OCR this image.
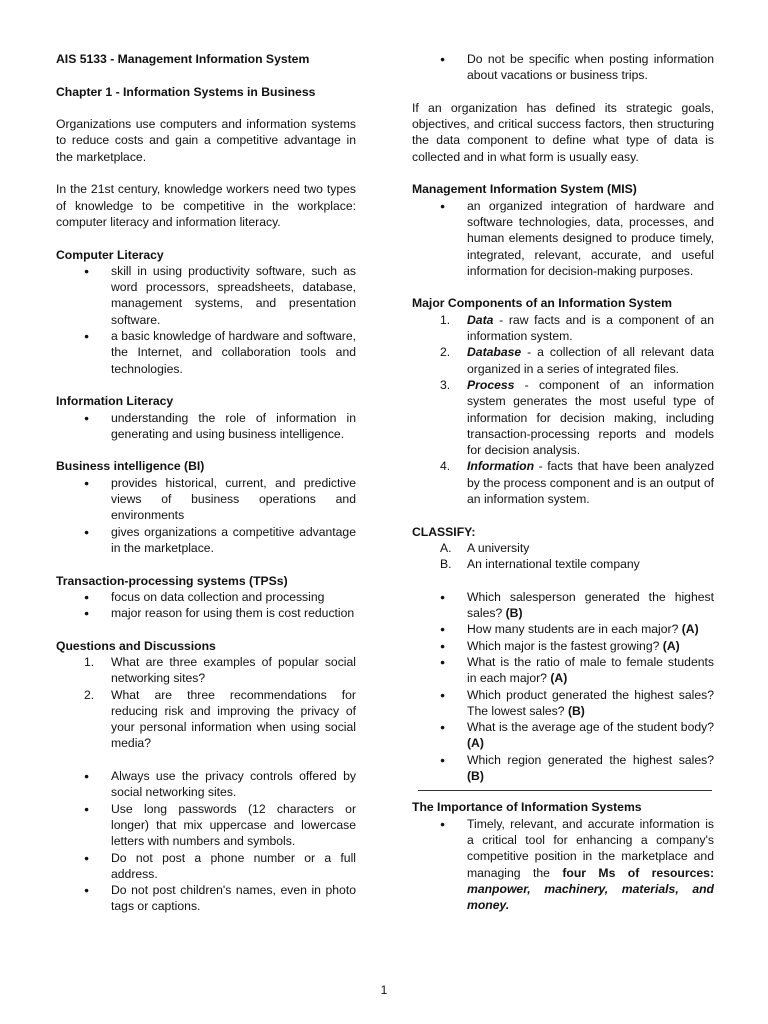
AIS 5133 - Management Information System

Chapter 1 - Information Systems in Business

Organizations use computers and information systems to reduce costs and gain a competitive advantage in the marketplace.

In the 21st century, knowledge workers need two types of knowledge to be competitive in the workplace: computer literacy and information literacy.

Computer Literacy

● skill in using productivity software, such as word processors, spreadsheets, database, management systems, and presentation software.
● a basic knowledge of hardware and software, the Internet, and collaboration tools and technologies.

Information Literacy

● understanding the role of information in generating and using business intelligence.

Business intelligence (BI)

● provides historical, current, and predictive views of business operations and environments
● gives organizations a competitive advantage in the marketplace.

Transaction-processing systems (TPSs)

● focus on data collection and processing
● major reason for using them is cost reduction

Questions and Discussions

1. What are three examples of popular social networking sites?
2. What are three recommendations for reducing risk and improving the privacy of your personal information when using social media?
● Always use the privacy controls offered by social networking sites.
● Use long passwords (12 characters or longer) that mix uppercase and lowercase letters with numbers and symbols.
● Do not post a phone number or a full address.
● Do not post children's names, even in photo tags or captions.
● Do not be specific when posting information about vacations or business trips.

If an organization has defined its strategic goals, objectives, and critical success factors, then structuring the data component to define what type of data is collected and in what form is usually easy.

Management Information System (MIS)

● an organized integration of hardware and software technologies, data, processes, and human elements designed to produce timely, integrated, relevant, accurate, and useful information for decision-making purposes.

Major Components of an Information System

1. Data - raw facts and is a component of an information system.
2. Database - a collection of all relevant data organized in a series of integrated files.
3. Process - component of an information system generates the most useful type of information for decision making, including transaction-processing reports and models for decision analysis.
4. Information - facts that have been analyzed by the process component and is an output of an information system.

CLASSIFY:

A. A university
B. An international textile company
● Which salesperson generated the highest sales? (B)
● How many students are in each major? (A)
● Which major is the fastest growing? (A)
● What is the ratio of male to female students in each major? (A)
● Which product generated the highest sales? The lowest sales? (B)
● What is the average age of the student body? (A)
● Which region generated the highest sales? (B)

The Importance of Information Systems

● Timely, relevant, and accurate information is a critical tool for enhancing a company's competitive position in the marketplace and managing the four Ms of resources: manpower, machinery, materials, and money.
1
